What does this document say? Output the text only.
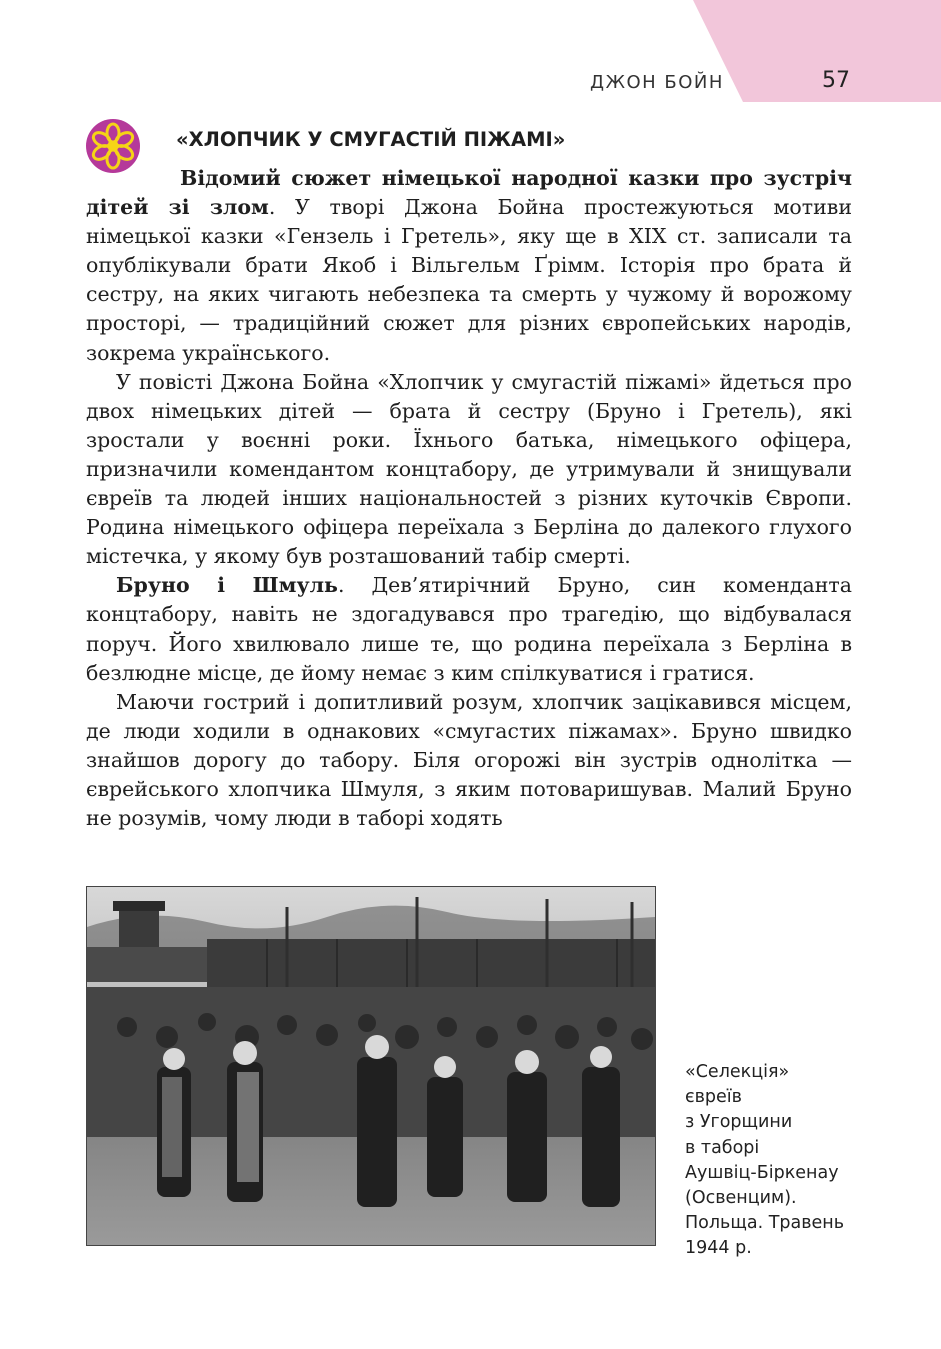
ДЖОН БОЙН	57
«ХЛОПЧИК У СМУГАСТІЙ ПІЖАМІ»

Відомий сюжет німецької народної казки про зустріч дітей зі злом. У творі Джона Бойна простежуються мотиви німецької казки «Гензель і Гретель», яку ще в XIX ст. записали та опублікували брати Якоб і Вільгельм Ґрімм. Історія про брата й сестру, на яких чигають небезпека та смерть у чужому й ворожому просторі, — традиційний сюжет для різних європейських народів, зокрема українського.

У повісті Джона Бойна «Хлопчик у смугастій піжамі» йдеться про двох німецьких дітей — брата й сестру (Бруно і Гретель), які зростали у воєнні роки. Їхнього батька, німецького офіцера, призначили комендантом концтабору, де утримували й знищували євреїв та людей інших національностей з різних куточків Європи. Родина німецького офіцера переїхала з Берліна до далекого глухого містечка, у якому був розташований табір смерті.

Бруно і Шмуль. Дев’ятирічний Бруно, син коменданта концтабору, навіть не здогадувався про трагедію, що відбувалася поруч. Його хвилювало лише те, що родина переїхала з Берліна в безлюдне місце, де йому немає з ким спілкуватися і гратися.

Маючи гострий і допитливий розум, хлопчик зацікавився місцем, де люди ходили в однакових «смугастих піжамах». Бруно швидко знайшов дорогу до табору. Біля огорожі він зустрів однолітка — єврейського хлопчика Шмуля, з яким потоваришував. Малий Бруно не розумів, чому люди в таборі ходять

«Селекція»
євреїв
з Угорщини
в таборі
Аушвіц-Біркенау
(Освенцим).
Польща. Травень
1944 р.
